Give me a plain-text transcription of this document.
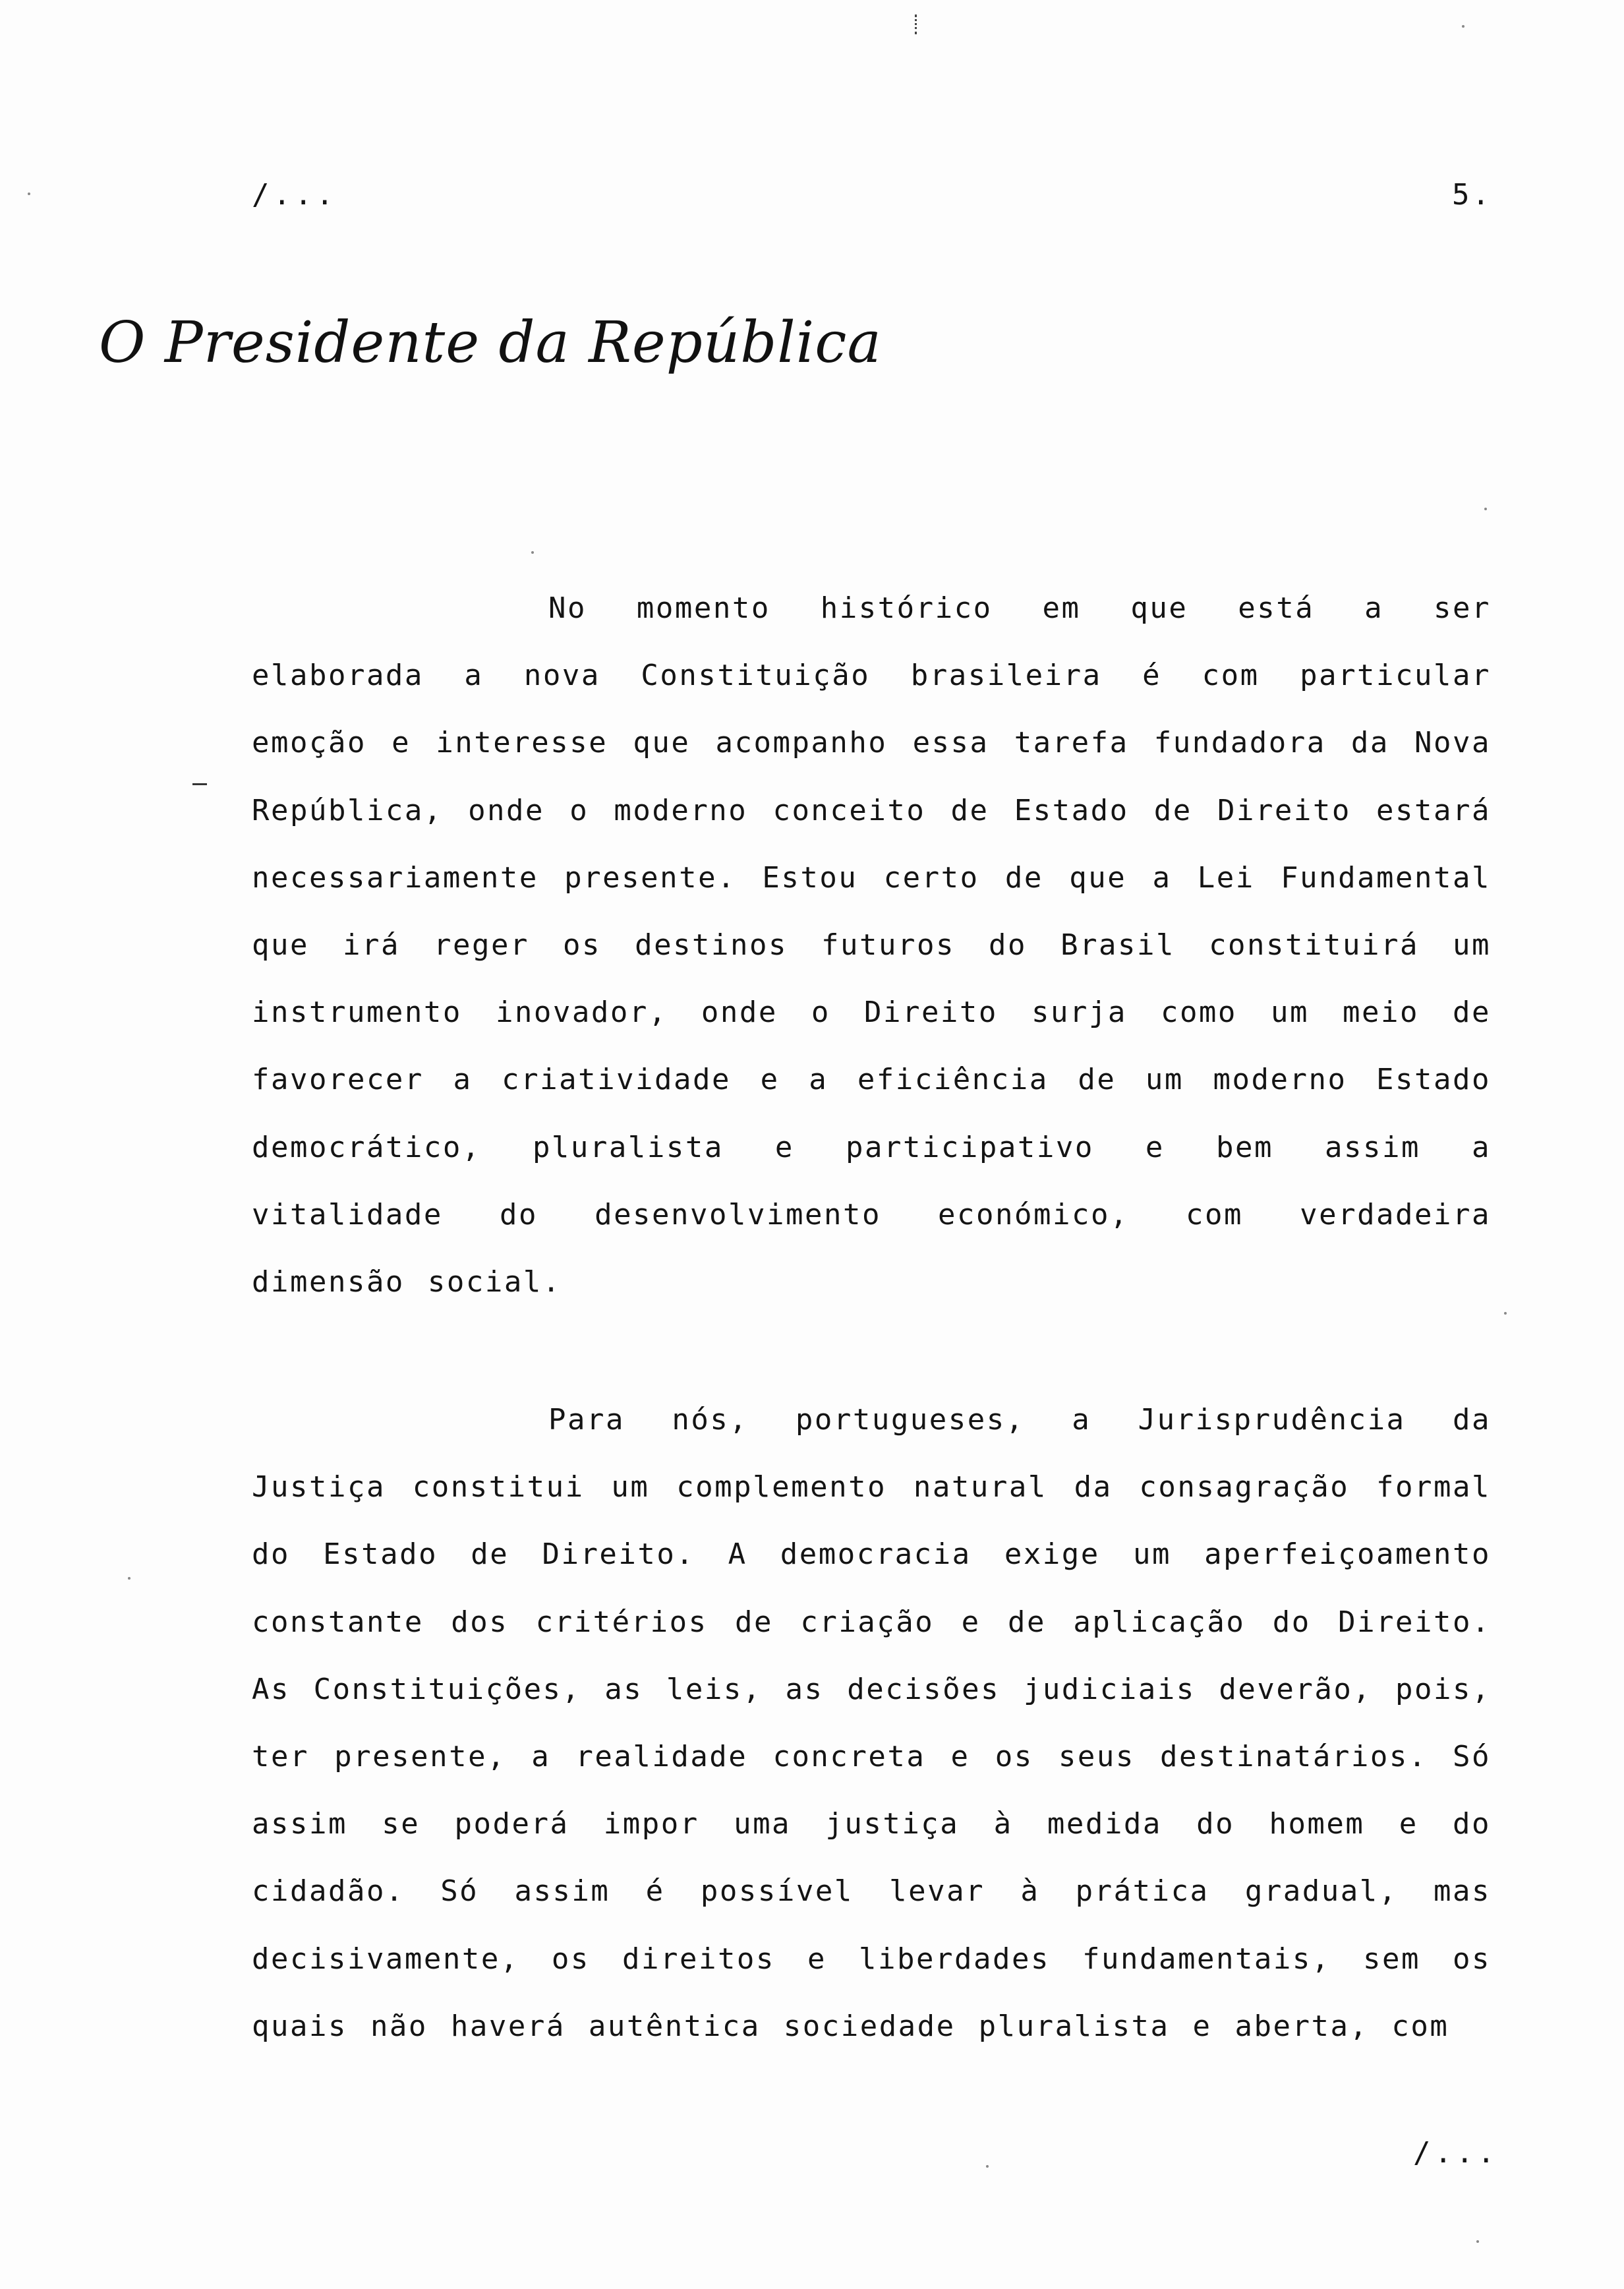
/...	5.
O Presidente da República
No momento histórico em que está a ser elaborada a nova Constituição brasileira é com particular emoção e interesse que acompanho essa tarefa fundadora da Nova República, onde o moderno conceito de Estado de Direito estará necessariamente presente. Estou certo de que a Lei Fundamental que irá reger os destinos futuros do Brasil constituirá um instrumento inovador, onde o Direito surja como um meio de favorecer a criatividade e a eficiência de um moderno Estado democrático, pluralista e participativo e bem assim a vitalidade do desenvolvimento económico, com verdadeira dimensão social.
Para nós, portugueses, a Jurisprudência da Justiça constitui um complemento natural da consagração formal do Estado de Direito. A democracia exige um aperfeiçoamento constante dos critérios de criação e de aplicação do Direito. As Constituições, as leis, as decisões judiciais deverão, pois, ter presente, a realidade concreta e os seus destinatários. Só assim se poderá impor uma justiça à medida do homem e do cidadão. Só assim é possível levar à prática gradual, mas decisivamente, os direitos e liberdades fundamentais, sem os quais não haverá autêntica sociedade pluralista e aberta, com
/...
